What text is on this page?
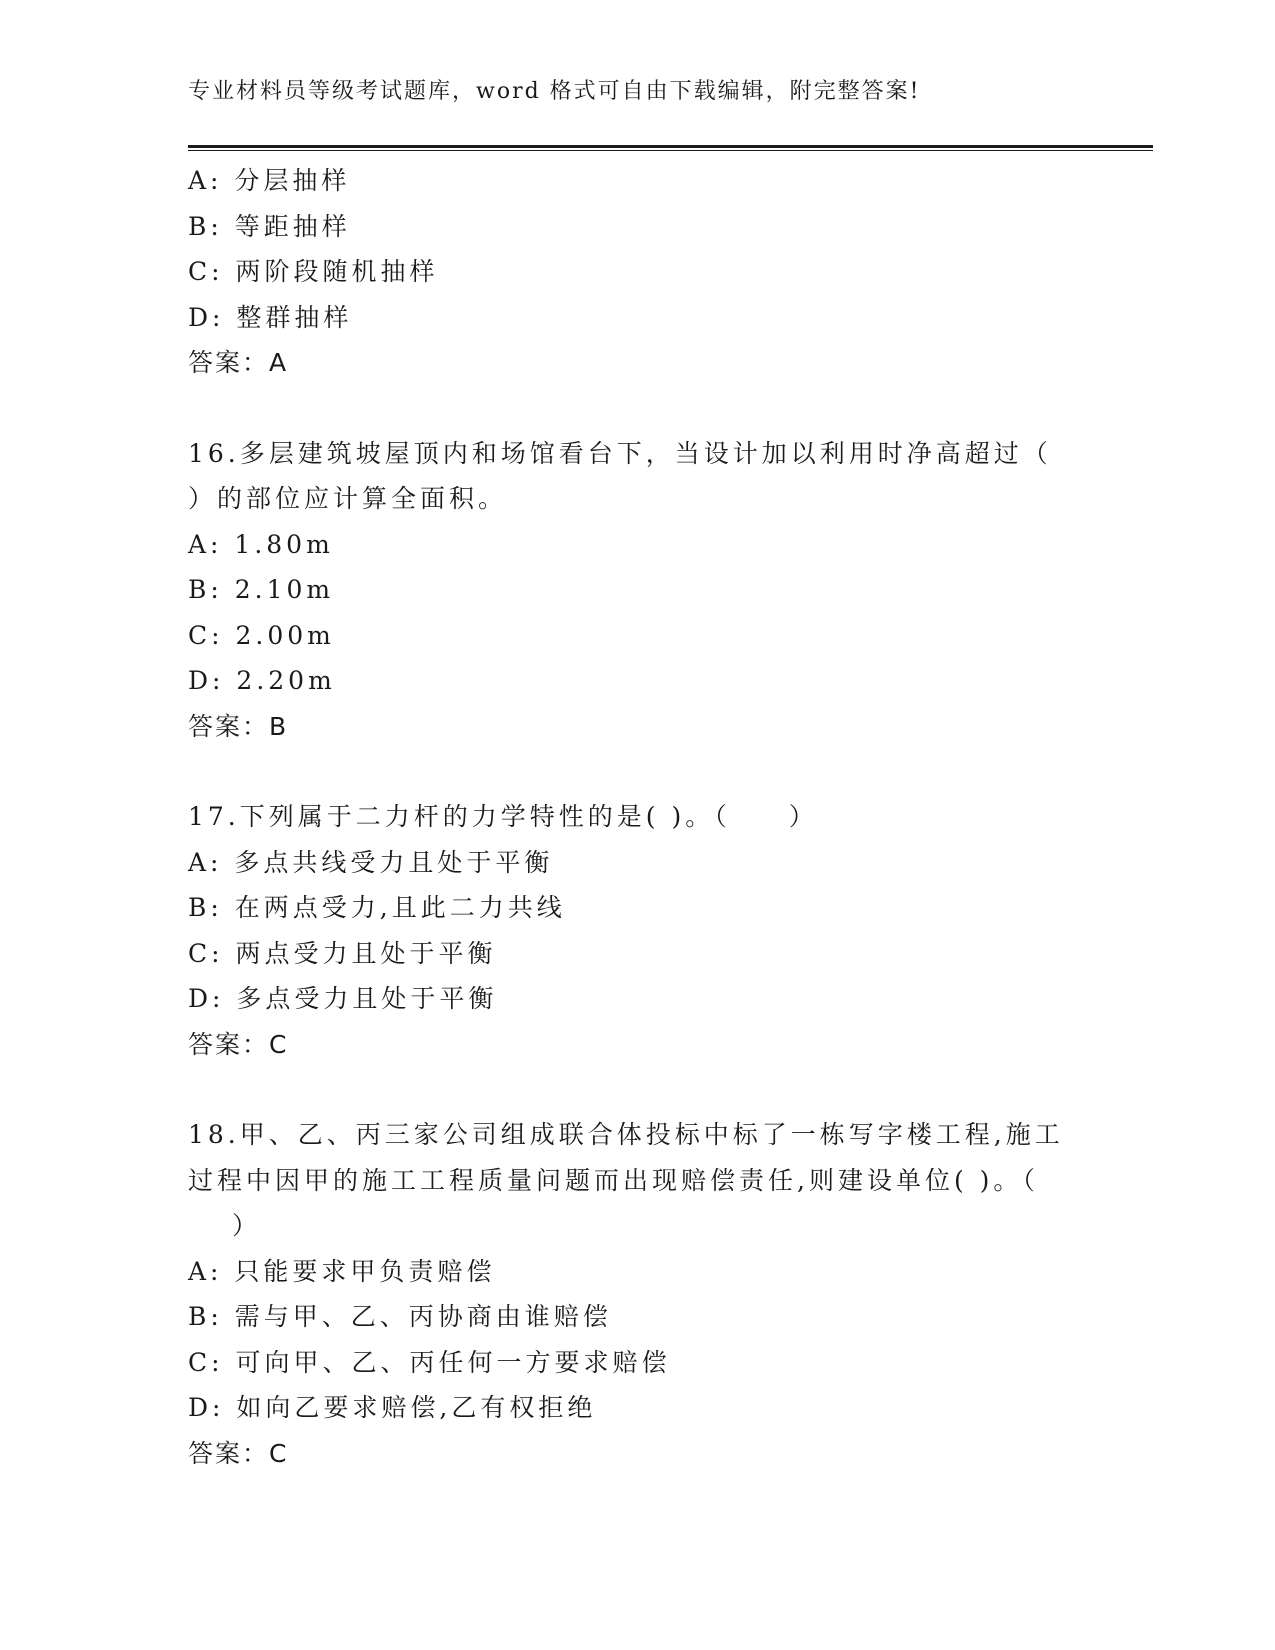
专业材料员等级考试题库，word 格式可自由下载编辑，附完整答案!
A: 分层抽样
B: 等距抽样
C: 两阶段随机抽样
D: 整群抽样
答案：A
16.多层建筑坡屋顶内和场馆看台下，当设计加以利用时净高超过（
）的部位应计算全面积。
A: 1.80m
B: 2.10m
C: 2.00m
D: 2.20m
答案：B
17.下列属于二力杆的力学特性的是( )。（　　）
A: 多点共线受力且处于平衡
B: 在两点受力,且此二力共线
C: 两点受力且处于平衡
D: 多点受力且处于平衡
答案：C
18.甲、乙、丙三家公司组成联合体投标中标了一栋写字楼工程,施工
过程中因甲的施工工程质量问题而出现赔偿责任,则建设单位( )。（
）
A: 只能要求甲负责赔偿
B: 需与甲、乙、丙协商由谁赔偿
C: 可向甲、乙、丙任何一方要求赔偿
D: 如向乙要求赔偿,乙有权拒绝
答案：C
